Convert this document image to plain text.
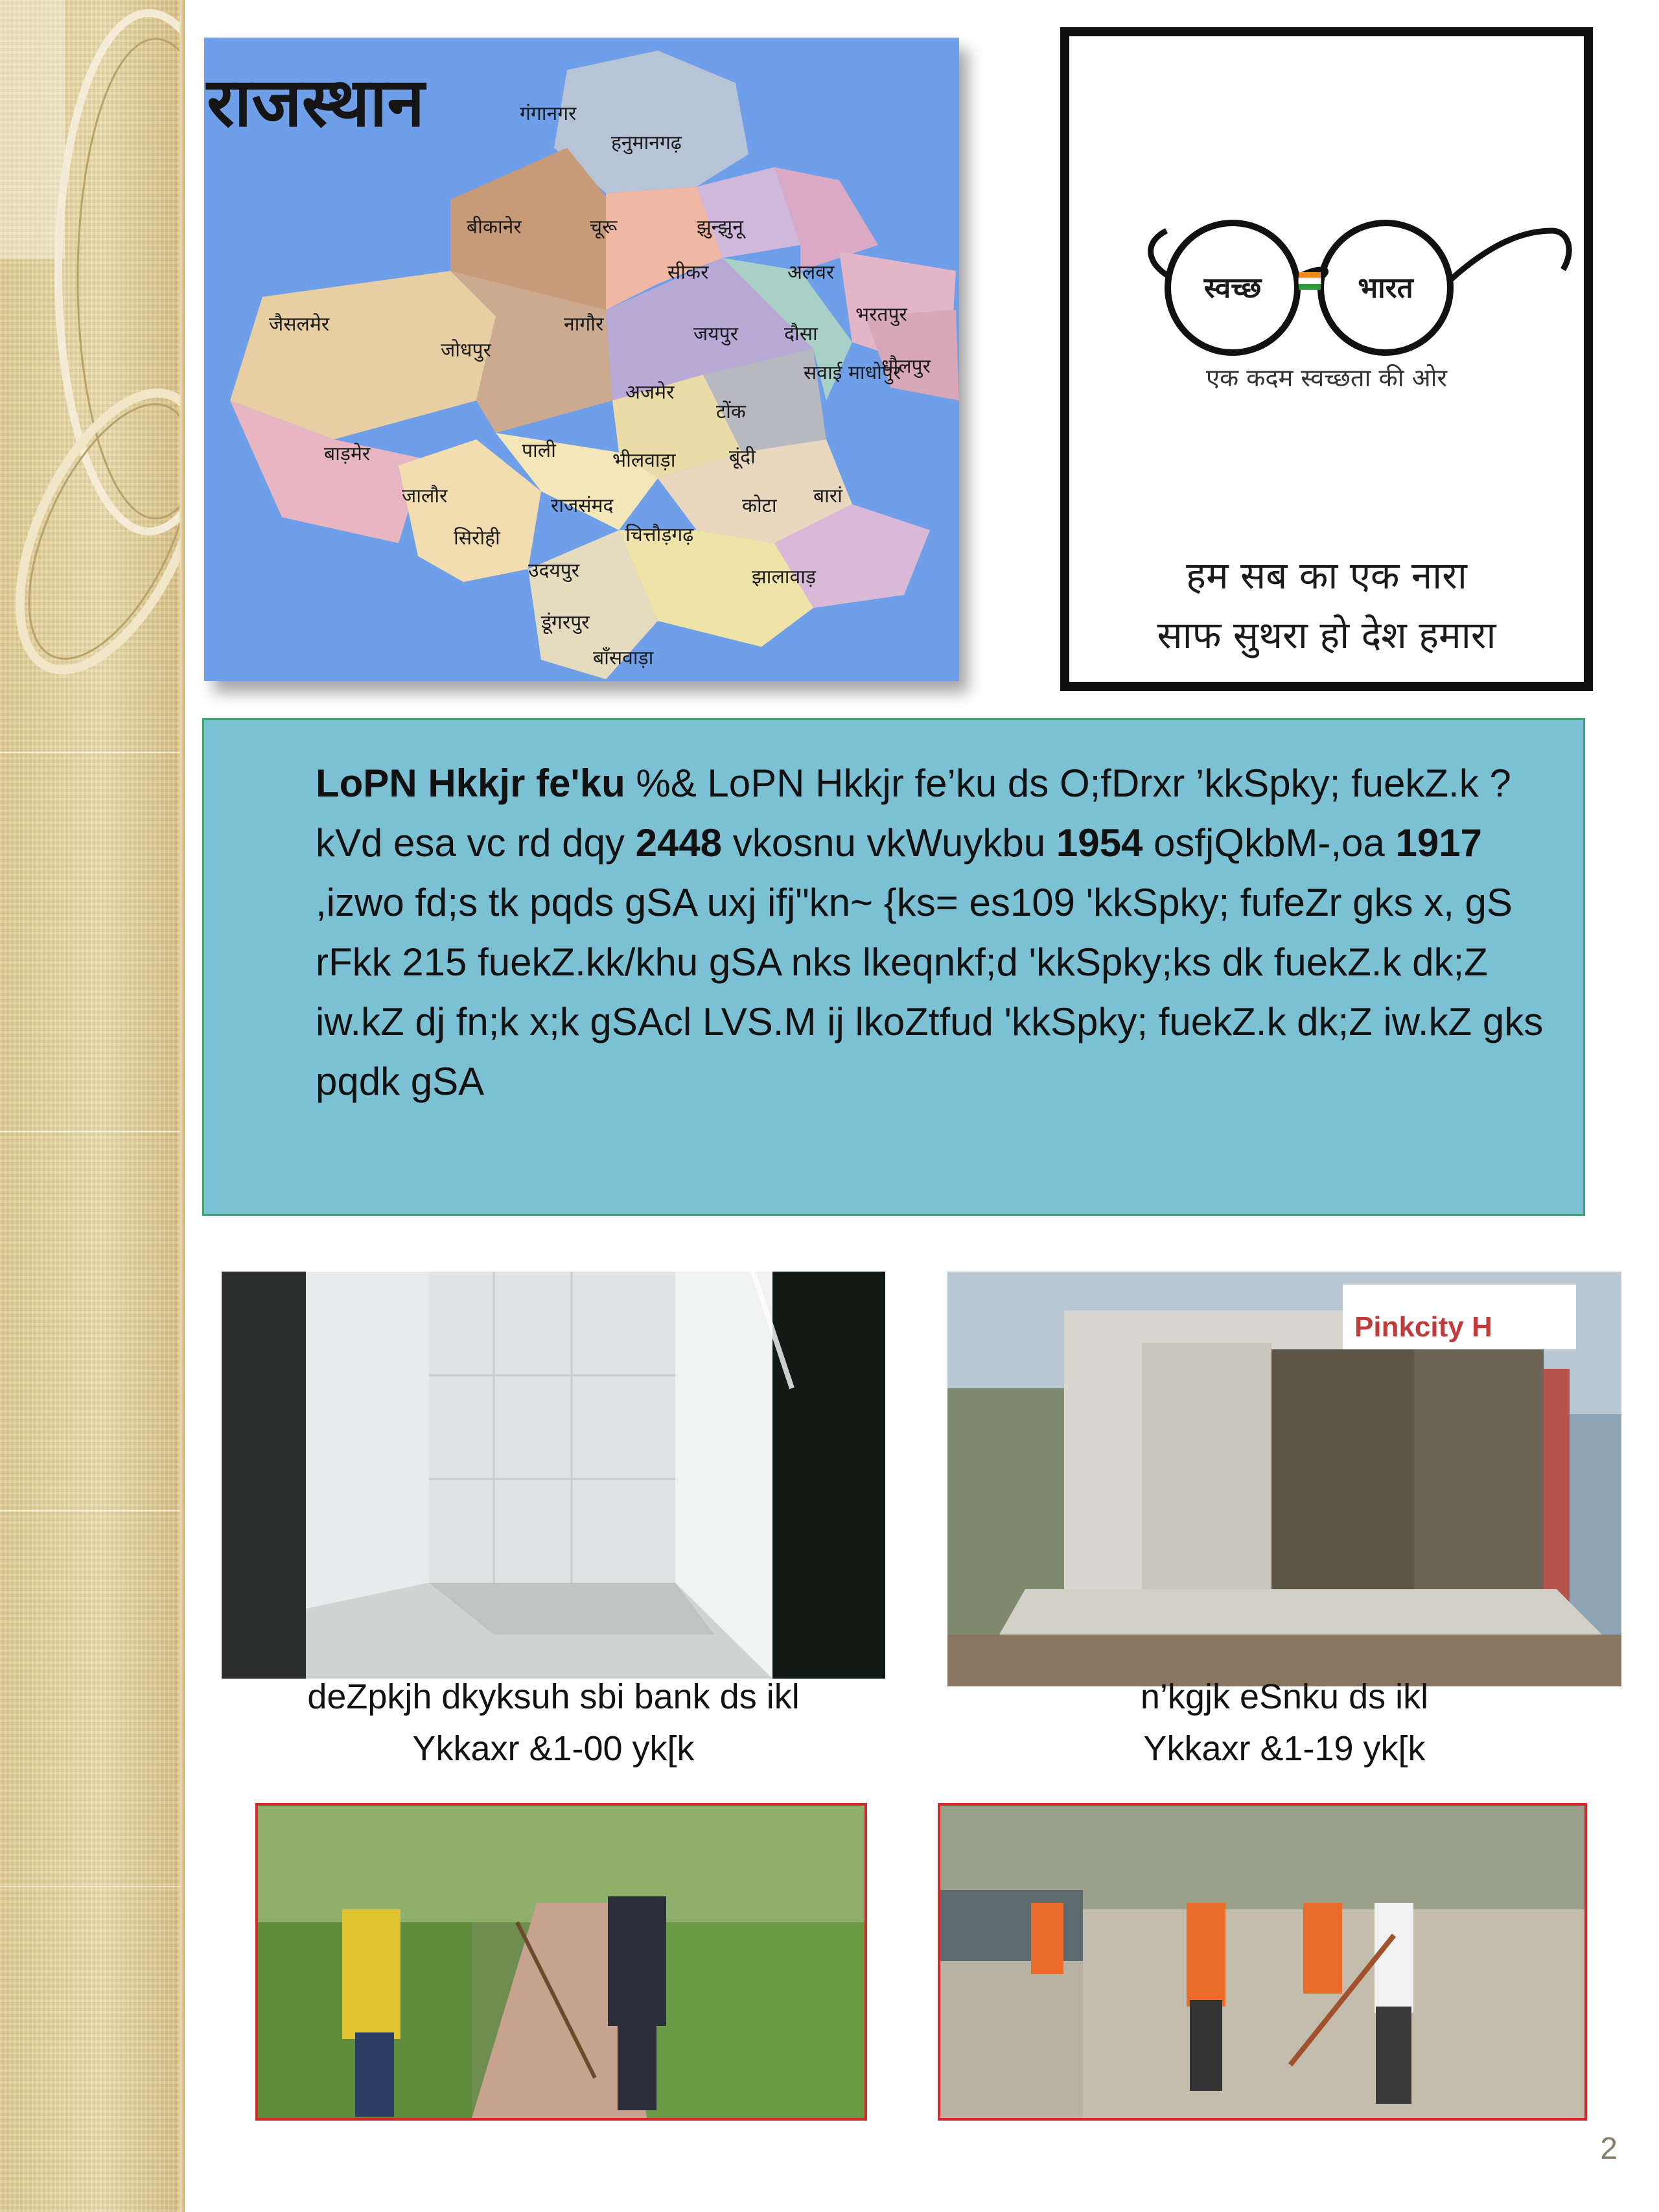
राजस्थान	गंगानगर
हनुमानगढ़
बीकानेर	चूरू	झुन्झुनू
सीकर	अलवर
भरतपुर
जैसलमेर	नागौर
जोधपुर
जयपुर दौसा
धौलपुर
सवाई माधोपुर
अजमेर
टोंक
बाड़मेर	पाली	भीलवाड़ा	बूंदी
जालौर	राजसंमद	कोटा बारां
सिरोही	चित्तौड़गढ़
उदयपुर	झालावाड़
डूंगरपुर
बाँसवाड़ा
स्वच्छ	भारत
एक कदम स्वच्छता की ओर
हम सब का एक नारा
साफ सुथरा हो देश हमारा
LoPN Hkkjr fe'ku %& LoPN Hkkjr fe’ku ds O;fDrxr ’kkSpky; fuekZ.k ?kVd esa vc rd dqy 2448 vkosnu vkWuykbu 1954 osfjQkbM-,oa 1917 ,izwo fd;s tk pqds gSA uxj ifj"kn~ {ks= es109 'kkSpky; fufeZr gks x, gS rFkk 215 fuekZ.kk/khu gSA nks lkeqnkf;d 'kkSpky;ks dk fuekZ.k dk;Z iw.kZ dj fn;k x;k gSAcl LVS.M ij lkoZtfud 'kkSpky; fuekZ.k dk;Z iw.kZ gks pqdk gSA
deZpkjh dkyksuh sbi bank ds ikl
Ykkaxr &1-00 yk[k
Pinkcity H
n’kgjk eSnku ds ikl
Ykkaxr &1-19 yk[k
2
